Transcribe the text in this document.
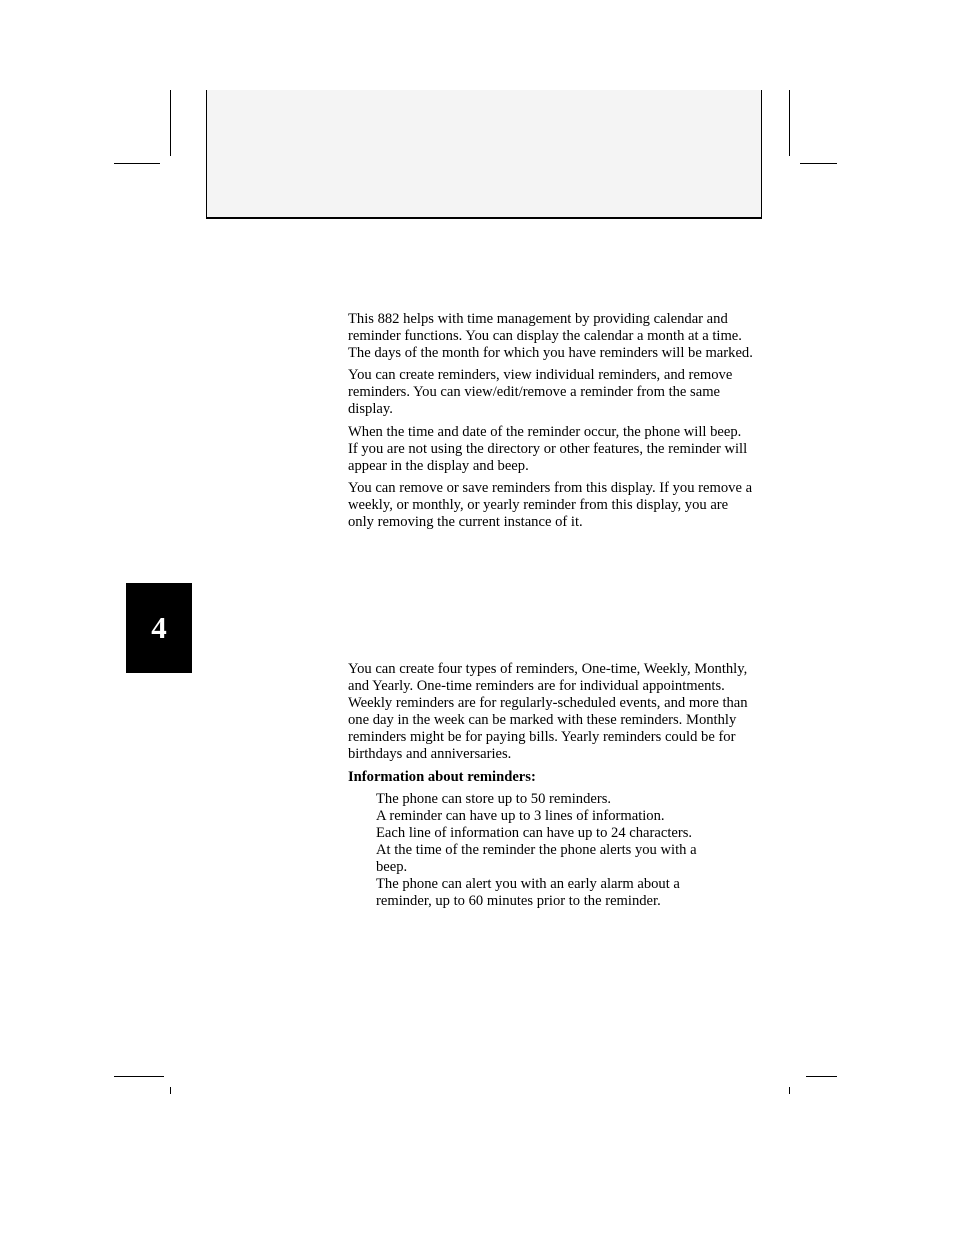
4

This 882 helps with time management by providing calendar and reminder functions. You can display the calendar a month at a time. The days of the month for which you have reminders will be marked.

You can create reminders, view individual reminders, and remove reminders. You can view/edit/remove a reminder from the same display.

When the time and date of the reminder occur, the phone will beep. If you are not using the directory or other features, the reminder will appear in the display and beep.

You can remove or save reminders from this display. If you remove a weekly, or monthly, or yearly reminder from this display, you are only removing the current instance of it.

You can create four types of reminders, One-time, Weekly, Monthly, and Yearly. One-time reminders are for individual appointments. Weekly reminders are for regularly-scheduled events, and more than one day in the week can be marked with these reminders. Monthly reminders might be for paying bills. Yearly reminders could be for birthdays and anniversaries.

Information about reminders:

The phone can store up to 50 reminders.
A reminder can have up to 3 lines of information.
Each line of information can have up to 24 characters.
At the time of the reminder the phone alerts you with a beep.
The phone can alert you with an early alarm about a reminder, up to 60 minutes prior to the reminder.
